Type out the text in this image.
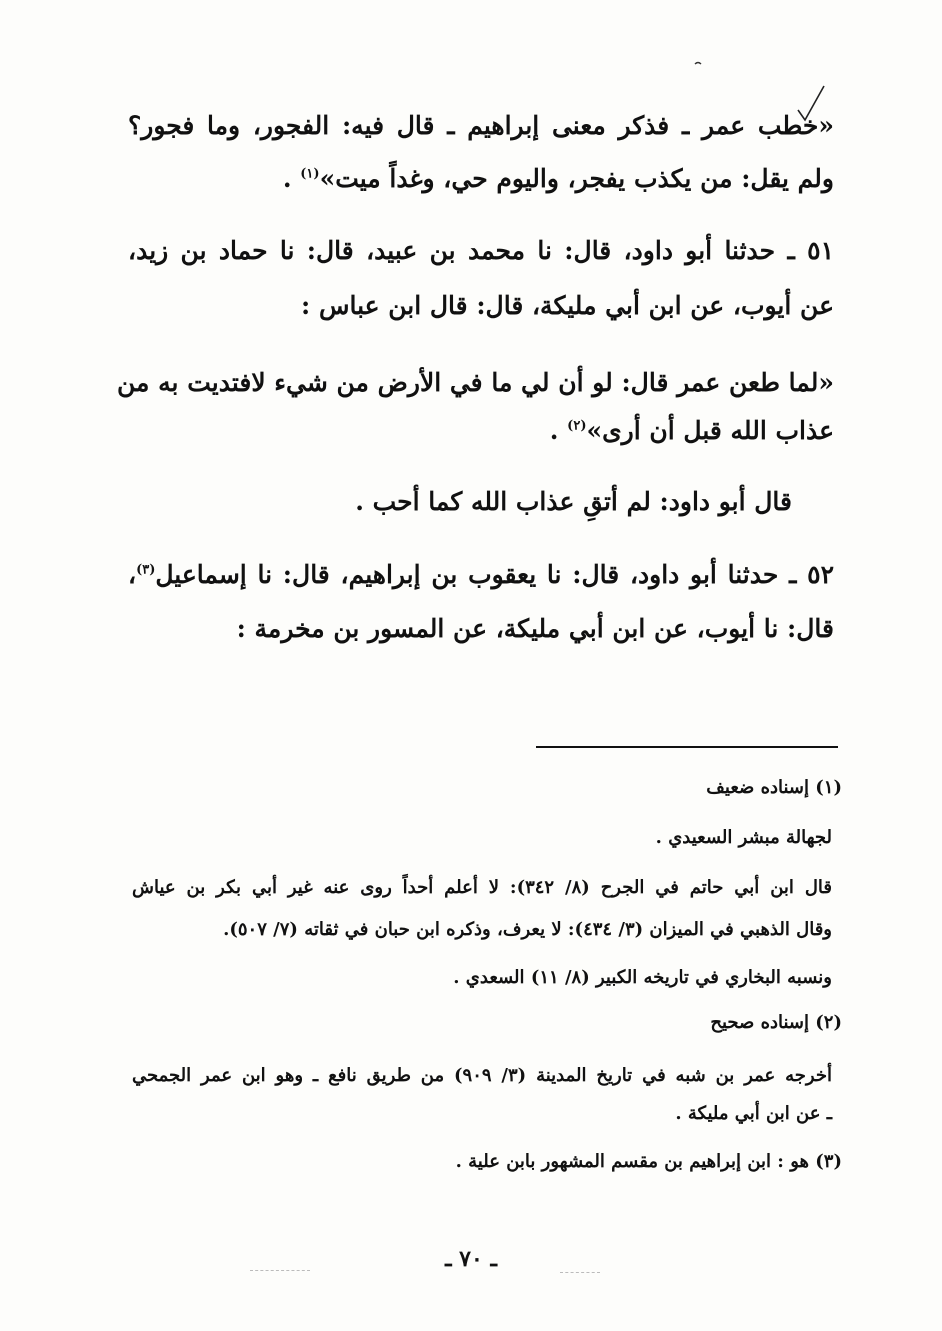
«خطب عمر ـ فذكر معنى إبراهيم ـ قال فيه: الفجور، وما فجور؟
ولم يقل: من يكذب يفجر، واليوم حي، وغداً ميت»$^{(١)}$ .
٥١ ـ حدثنا أبو داود، قال: نا محمد بن عبيد، قال: نا حماد بن زيد،
عن أيوب، عن ابن أبي مليكة، قال: قال ابن عباس :
«لما طعن عمر قال: لو أن لي ما في الأرض من شيء لافتديت به من
عذاب الله قبل أن أرى»$^{(٢)}$ .
قال أبو داود: لم أتقِ عذاب الله كما أحب .
٥٢ ـ حدثنا أبو داود، قال: نا يعقوب بن إبراهيم، قال: نا إسماعيل$^{(٣)}$،
قال: نا أيوب، عن ابن أبي مليكة، عن المسور بن مخرمة :
(١) إسناده ضعيف
لجهالة مبشر السعيدي .
قال ابن أبي حاتم في الجرح (٨/ ٣٤٢): لا أعلم أحداً روى عنه غير أبي بكر بن عياش
وقال الذهبي في الميزان (٣/ ٤٣٤): لا يعرف، وذكره ابن حبان في ثقاته (٧/ ٥٠٧).
ونسبه البخاري في تاريخه الكبير (٨/ ١١) السعدي .
(٢) إسناده صحيح
أخرجه عمر بن شبه في تاريخ المدينة (٣/ ٩٠٩) من طريق نافع ـ وهو ابن عمر الجمحي
ـ عن ابن أبي مليكة .
(٣) هو : ابن إبراهيم بن مقسم المشهور بابن علية .
ـ ٧٠ ـ
